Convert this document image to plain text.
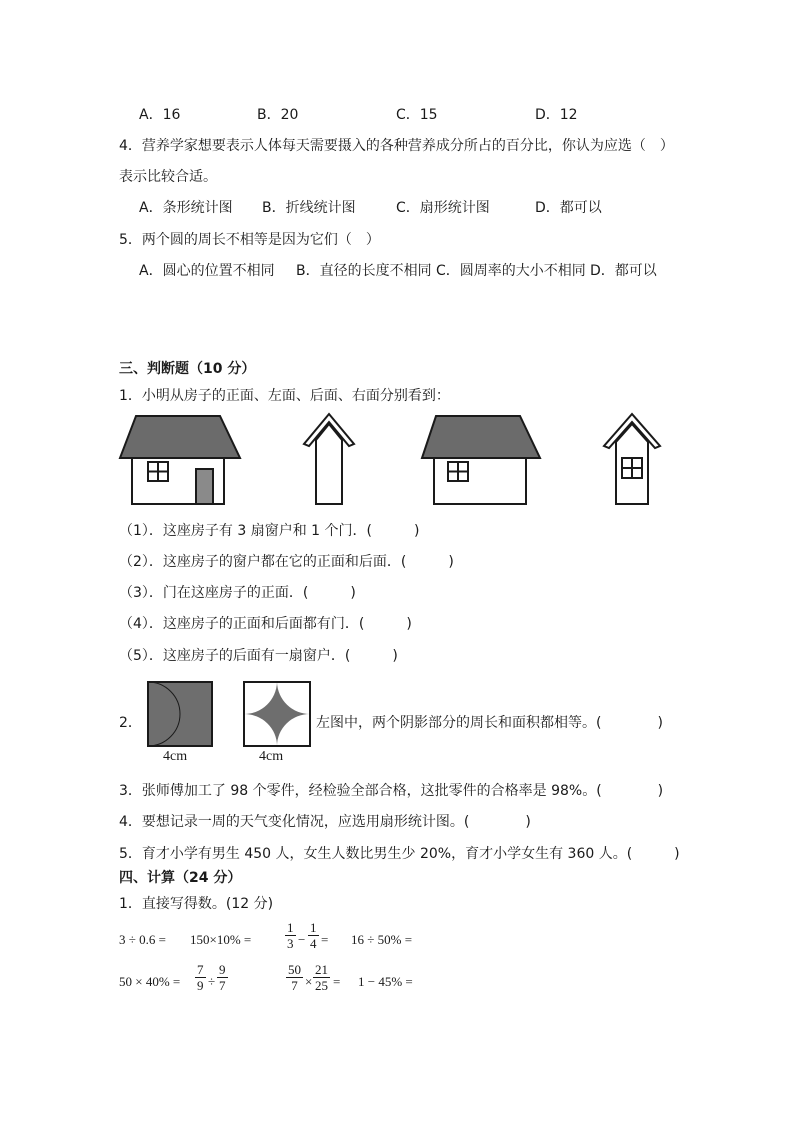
A．16	B．20	C．15	D．12
4．营养学家想要表示人体每天需要摄入的各种营养成分所占的百分比，你认为应选（　）
表示比较合适。
A．条形统计图 B．折线统计图	C．扇形统计图	D．都可以
5．两个圆的周长不相等是因为它们（　）
A．圆心的位置不相同 B．直径的长度不相同 C．圆周率的大小不相同 D．都可以
三、判断题（10 分）
1．小明从房子的正面、左面、后面、右面分别看到：
（1）．这座房子有 3 扇窗户和 1 个门．(　　　)
（2）．这座房子的窗户都在它的正面和后面．(　　　)
（3）．门在这座房子的正面．(　　　)
（4）．这座房子的正面和后面都有门．(　　　)
（5）．这座房子的后面有一扇窗户．(　　　)
2．
4cm	4cm
左图中，两个阴影部分的周长和面积都相等。(　　　　)
3．张师傅加工了 98 个零件，经检验全部合格，这批零件的合格率是 98%。(　　　　)
4．要想记录一周的天气变化情况，应选用扇形统计图。(　　　　)
5．育才小学有男生 450 人，女生人数比男生少 20%，育才小学女生有 360 人。(　　　)
四、计算（24 分）
1．直接写得数。(12 分)
3 ÷ 0.6 = 150×10% =	$\frac{1}{3} - \frac{1}{4} = 16 \div 50\%$ =
$50 \times 40\% = \frac{7}{9} \div \frac{9}{7}$	$\frac{50}{7} \times \frac{21}{25} = 1 - 45\%$ =
